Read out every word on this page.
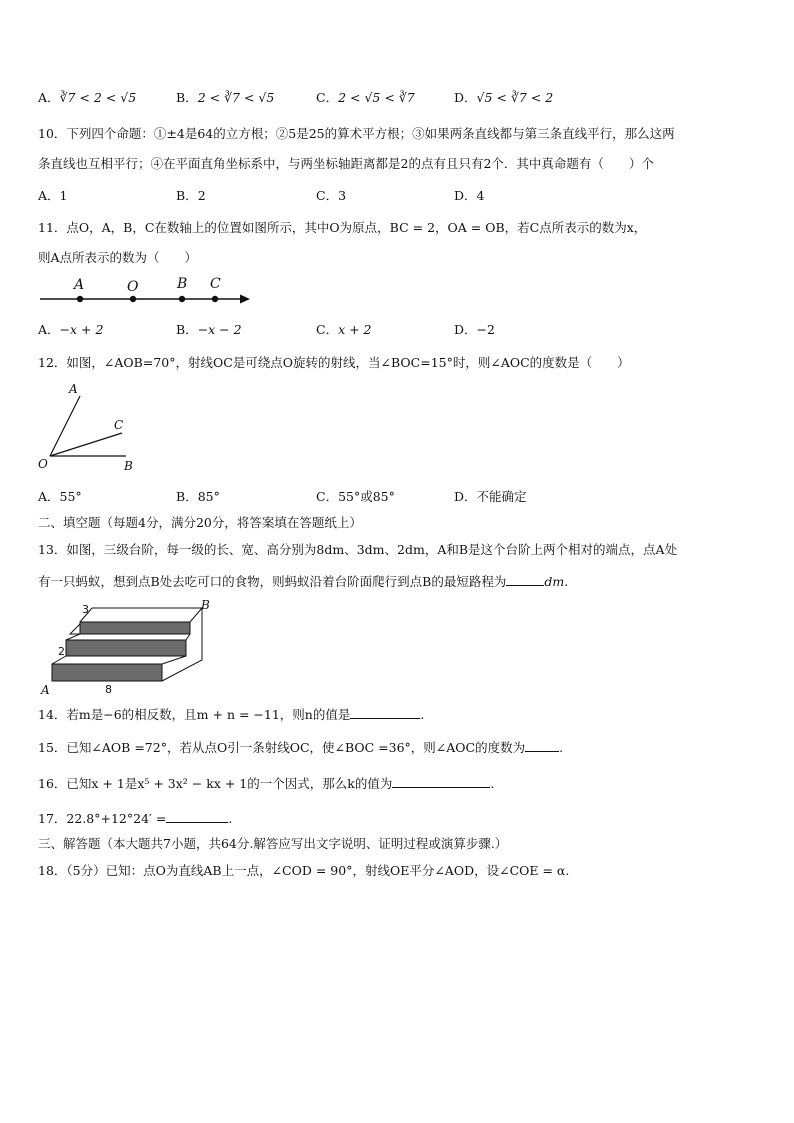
A．∛7 < 2 < √5	B．2 < ∛7 < √5	C．2 < √5 < ∛7	D．√5 < ∛7 < 2
10．下列四个命题：①±4是64的立方根；②5是25的算术平方根；③如果两条直线都与第三条直线平行，那么这两
条直线也互相平行；④在平面直角坐标系中，与两坐标轴距离都是2的点有且只有2个．其中真命题有（　　）个
A．1	B．2	C．3	D．4
11．点O，A，B，C在数轴上的位置如图所示，其中O为原点，BC = 2，OA = OB，若C点所表示的数为x，
则A点所表示的数为（　　）
A	O	B C
A．−x + 2	B．−x − 2	C．x + 2	D．−2
12．如图，∠AOB=70°，射线OC是可绕点O旋转的射线，当∠BOC=15°时，则∠AOC的度数是（　　）
A
C
O	B
A．55°	B．85°	C．55°或85°	D．不能确定
二、填空题（每题4分，满分20分，将答案填在答题纸上）
13．如图，三级台阶，每一级的长、宽、高分别为8dm、3dm、2dm，A和B是这个台阶上两个相对的端点，点A处
有一只蚂蚁，想到点B处去吃可口的食物，则蚂蚁沿着台阶面爬行到点B的最短路程为	dm.
3
2
8
A
B
14．若m是−6的相反数，且m + n = −11，则n的值是	.
15．已知∠AOB =72°，若从点O引一条射线OC，使∠BOC =36°，则∠AOC的度数为	.
16．已知x + 1是x⁵ + 3x² − kx + 1的一个因式，那么k的值为	.
17．22.8°+12°24′ =	.
三、解答题（本大题共7小题，共64分.解答应写出文字说明、证明过程或演算步骤.）
18．（5分）已知：点O为直线AB上一点，∠COD = 90°，射线OE平分∠AOD，设∠COE = α.
